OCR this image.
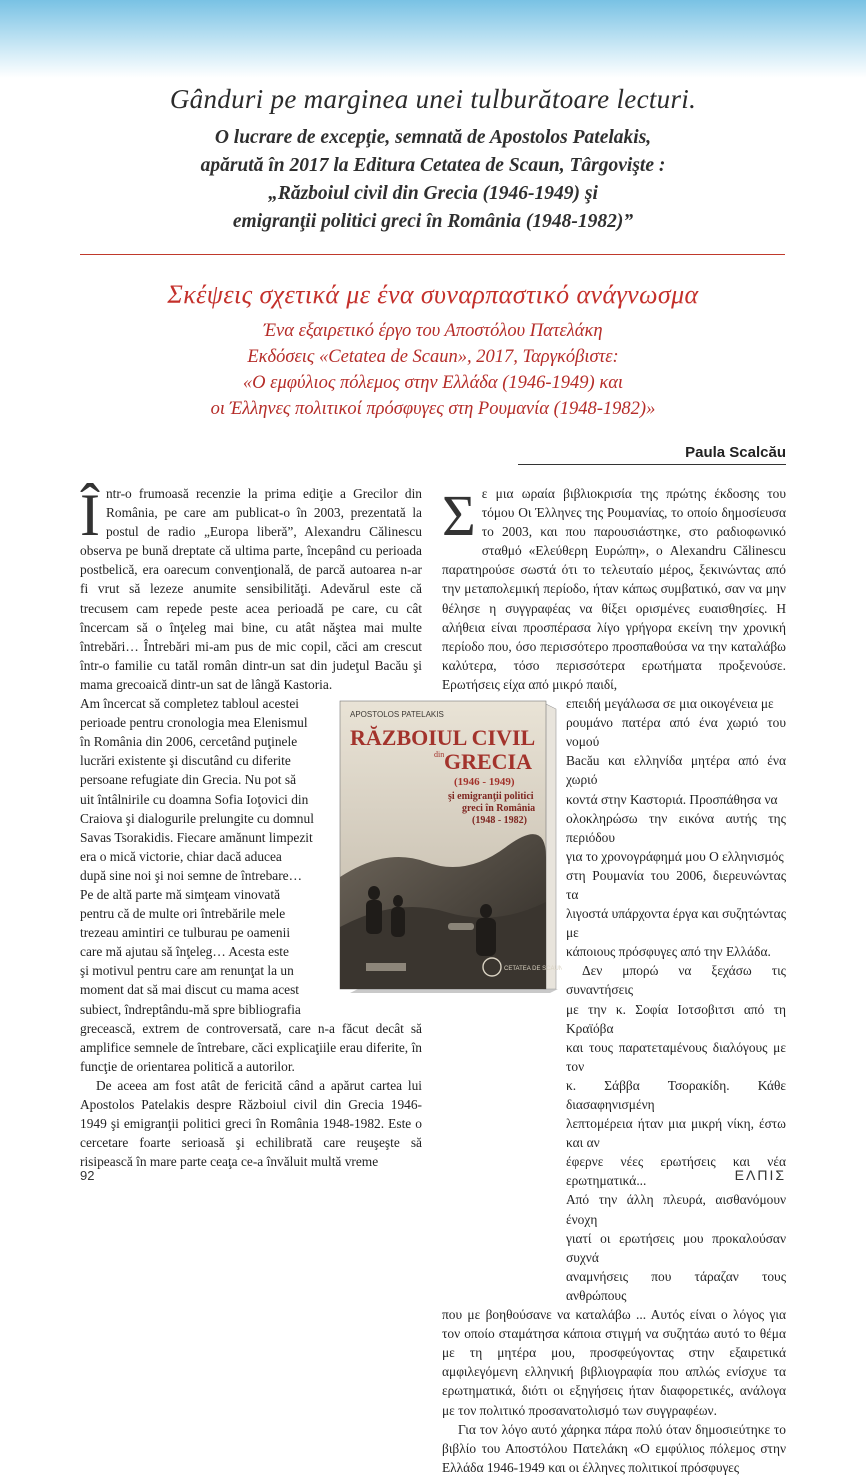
Gânduri pe marginea unei tulburătoare lecturi.
O lucrare de excepţie, semnată de Apostolos Patelakis,
apărută în 2017 la Editura Cetatea de Scaun, Târgovişte :
„Războiul civil din Grecia (1946-1949) şi
emigranţii politici greci în România (1948-1982)”
Σκέψεις σχετικά με ένα συναρπαστικό ανάγνωσμα
Ένα εξαιρετικό έργο του Αποστόλου Πατελάκη
Εκδόσεις «Cetatea de Scaun», 2017, Ταργκόβιστε:
«Ο εμφύλιος πόλεμος στην Ελλάδα (1946-1949) και
οι Έλληνες πολιτικοί πρόσφυγες στη Ρουμανία (1948-1982)»
Paula Scalcău

Într-o frumoasă recenzie la prima ediţie a Grecilor din România, pe care am publicat-o în 2003, prezentată la postul de radio „Europa liberă”, Alexandru Călinescu observa pe bună dreptate că ultima parte, începând cu perioada postbelică, era oarecum convenţională, de parcă autoarea n-ar fi vrut să lezeze anumite sensibilităţi. Adevărul este că trecusem cam repede peste acea perioadă pe care, cu cât încercam să o înţeleg mai bine, cu atât năştea mai multe întrebări… Întrebări mi-am pus de mic copil, căci am crescut într-o familie cu tatăl român dintr-un sat din judeţul Bacău şi mama grecoaică dintr-un sat de lângă Kastoria.

Am încercat să completez tabloul acestei
perioade pentru cronologia mea Elenismul
în România din 2006, cercetând puţinele
lucrări existente şi discutând cu diferite
persoane refugiate din Grecia. Nu pot să
uit întâlnirile cu doamna Sofia Ioţovici din
Craiova şi dialogurile prelungite cu domnul
Savas Tsorakidis. Fiecare amănunt limpezit
era o mică victorie, chiar dacă aducea
după sine noi şi noi semne de întrebare…
Pe de altă parte mă simţeam vinovată
pentru că de multe ori întrebările mele
trezeau amintiri ce tulburau pe oamenii
care mă ajutau să înţeleg… Acesta este
şi motivul pentru care am renunţat la un
moment dat să mai discut cu mama acest
subiect, îndreptându-mă spre bibliografia

grecească, extrem de controversată, care n-a făcut decât să amplifice semnele de întrebare, căci explicaţiile erau diferite, în funcţie de orientarea politică a autorilor.

De aceea am fost atât de fericită când a apărut cartea lui Apostolos Patelakis despre Războiul civil din Grecia 1946-1949 şi emigranţii politici greci în România 1948-1982. Este o cercetare foarte serioasă şi echilibrată care reuşeşte să risipească în mare parte ceaţa ce-a învăluit multă vreme

Σε μια ωραία βιβλιοκρισία της πρώτης έκδοσης του τόμου Οι Έλληνες της Ρουμανίας, το οποίο δημοσίευσα το 2003, και που παρουσιάστηκε, στο ραδιοφωνικό σταθμό «Ελεύθερη Ευρώπη», ο Alexandru Călinescu παρατηρούσε σωστά ότι το τελευταίο μέρος, ξεκινώντας από την μεταπολεμική περίοδο, ήταν κάπως συμβατικό, σαν να μην θέλησε η συγγραφέας να θίξει ορισμένες ευαισθησίες. Η αλήθεια είναι προσπέρασα λίγο γρήγορα εκείνη την χρονική περίοδο που, όσο περισσότερο προσπαθούσα να την καταλάβω καλύτερα, τόσο περισσότερα ερωτήματα προξενούσε. Ερωτήσεις είχα από μικρό παιδί,

επειδή μεγάλωσα σε μια οικογένεια με
ρουμάνο πατέρα από ένα χωριό του νομού
Bacău και ελληνίδα μητέρα από ένα χωριό
κοντά στην Καστοριά. Προσπάθησα να
ολοκληρώσω την εικόνα αυτής της περιόδου
για το χρονογράφημά μου Ο ελληνισμός
στη Ρουμανία του 2006, διερευνώντας τα
λιγοστά υπάρχοντα έργα και συζητώντας με
κάποιους πρόσφυγες από την Ελλάδα.
Δεν μπορώ να ξεχάσω τις συναντήσεις
με την κ. Σοφία Ιοτσοβιτσι από τη Κραϊόβα
και τους παρατεταμένους διαλόγους με τον
κ. Σάββα Τσορακίδη. Κάθε διασαφηνισμένη
λεπτομέρεια ήταν μια μικρή νίκη, έστω και αν
έφερνε νέες ερωτήσεις και νέα ερωτηματικά...
Από την άλλη πλευρά, αισθανόμουν ένοχη
γιατί οι ερωτήσεις μου προκαλούσαν συχνά
αναμνήσεις που τάραζαν τους ανθρώπους

που με βοηθούσανε να καταλάβω ... Αυτός είναι ο λόγος για τον οποίο σταμάτησα κάποια στιγμή να συζητάω αυτό το θέμα με τη μητέρα μου, προσφεύγοντας στην εξαιρετικά αμφιλεγόμενη ελληνική βιβλιογραφία που απλώς ενίσχυε τα ερωτηματικά, διότι οι εξηγήσεις ήταν διαφορετικές, ανάλογα με τον πολιτικό προσανατολισμό των συγγραφέων.

Για τον λόγο αυτό χάρηκα πάρα πολύ όταν δημοσιεύτηκε το βιβλίο του Αποστόλου Πατελάκη «Ο εμφύλιος πόλεμος στην Ελλάδα 1946-1949 και οι έλληνες πολιτικοί πρόσφυγες

APOSTOLOS PATELAKIS
RĂZBOIUL CIVIL
din GRECIA
(1946 - 1949)
şi emigranţii politici
greci în România
(1948 - 1982)
CETATEA DE SCAUN
92	ΕΛΠΙΣ
